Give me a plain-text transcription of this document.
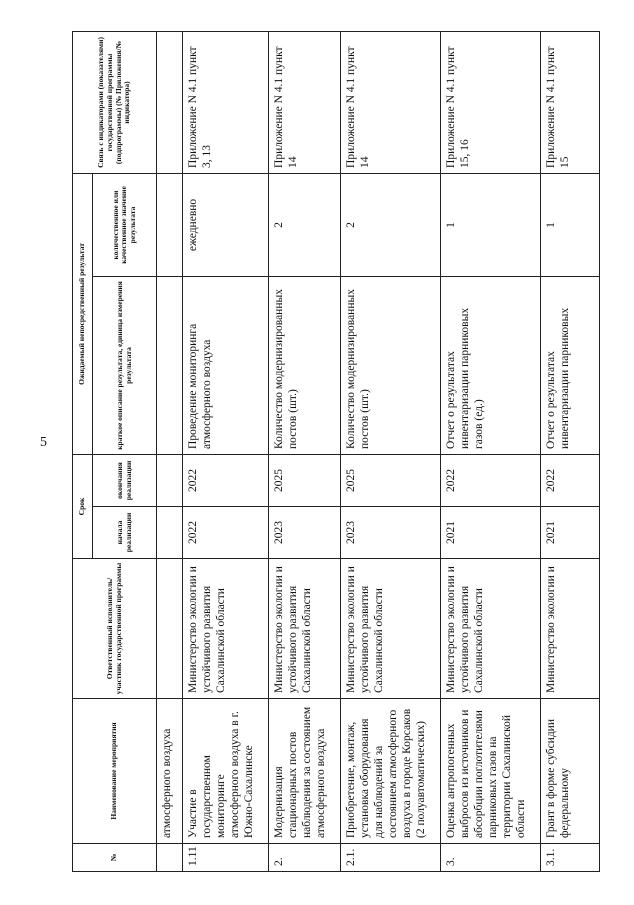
5
№	Наименование мероприятия	Ответственный исполнитель/участник государственной программы	Срок		Ожидаемый непосредственный результат		Связь с индикаторами (показателями) государственной программы (подпрограммы) (№ Приложения/№ индикатора)
			начала реализации	окончания реализации	краткое описание результата, единица измерения результата	количественное или качественное значение результата	
	атмосферного воздуха						
1.11	Участие в государственном мониторинге атмосферного воздуха в г. Южно-Сахалинске	Министерство экологии и устойчивого развития Сахалинской области	2022	2022	Проведение мониторинга атмосферного воздуха	ежедневно	Приложение N 4.1 пункт 3, 13
2.	Модернизация стационарных постов наблюдения за состоянием атмосферного воздуха	Министерство экологии и устойчивого развития Сахалинской области	2023	2025	Количество модернизированных постов (шт.)	2	Приложение N 4.1 пункт 14
2.1.	Приобретение, монтаж, установка оборудования для наблюдений за состоянием атмосферного воздуха в городе Корсаков (2 полуавтоматических)	Министерство экологии и устойчивого развития Сахалинской области	2023	2025	Количество модернизированных постов (шт.)	2	Приложение N 4.1 пункт 14
3.	Оценка антропогенных выбросов из источников и абсорбции поглотителями парниковых газов на территории Сахалинской области	Министерство экологии и устойчивого развития Сахалинской области	2021	2022	Отчет о результатах инвентаризации парниковых газов (ед.)	1	Приложение N 4.1 пункт 15, 16
3.1.	Грант в форме субсидии федеральному	Министерство экологии и	2021	2022	Отчет о результатах инвентаризации парниковых	1	Приложение N 4.1 пункт 15
